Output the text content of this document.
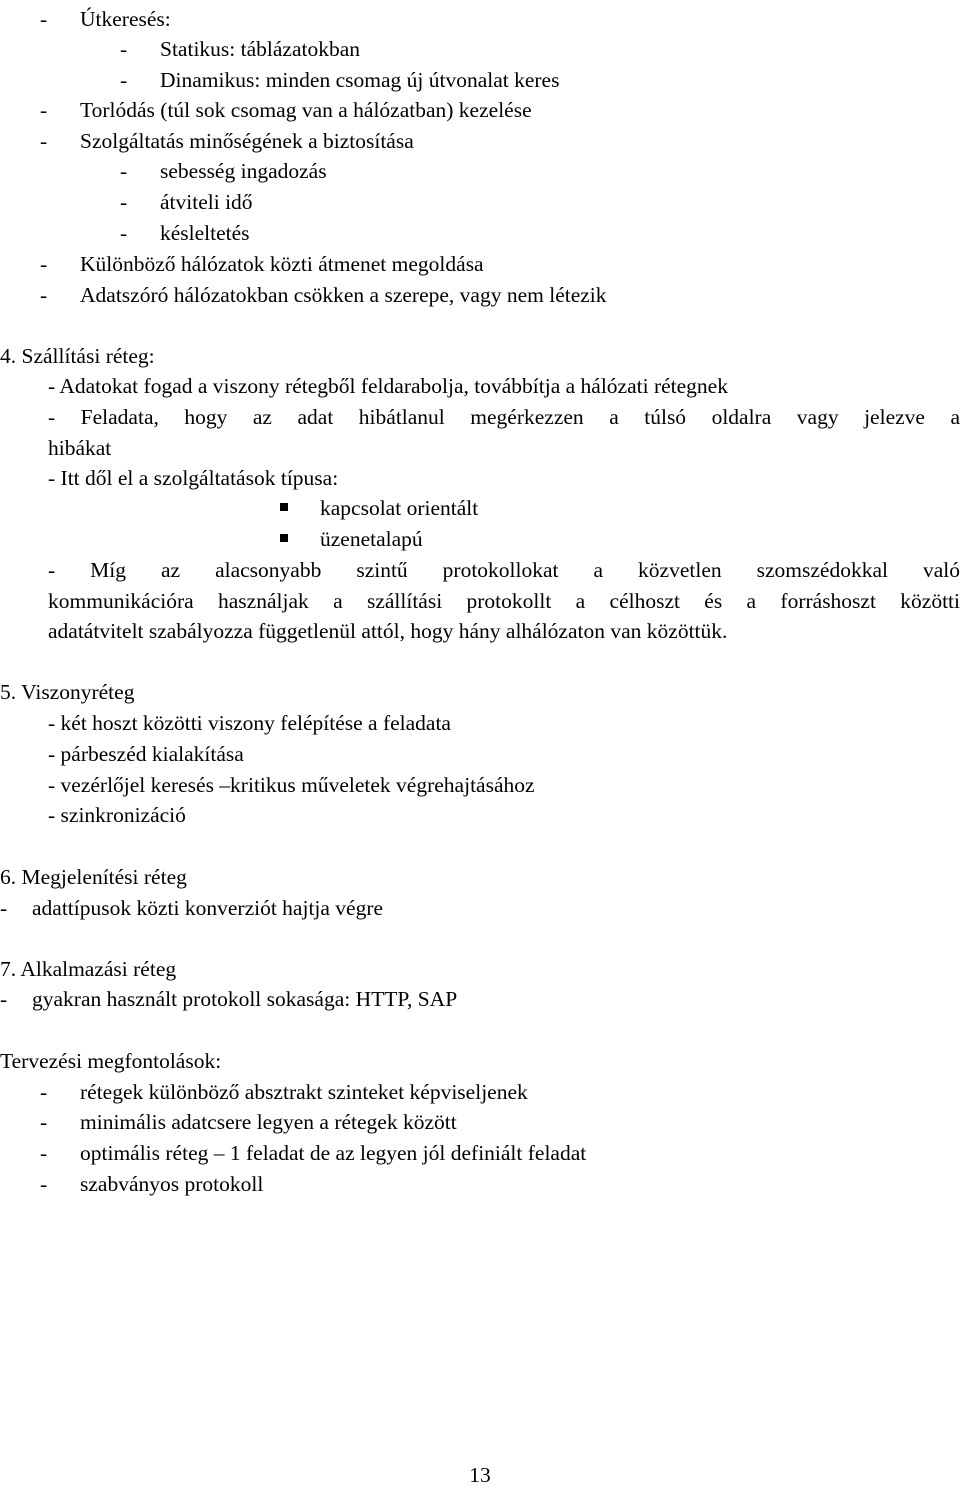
- Útkeresés:
- Statikus: táblázatokban
- Dinamikus: minden csomag új útvonalat keres
- Torlódás (túl sok csomag van a hálózatban) kezelése
- Szolgáltatás minőségének a biztosítása
- sebesség ingadozás
- átviteli idő
- késleltetés
- Különböző hálózatok közti átmenet megoldása
- Adatszóró hálózatokban csökken a szerepe, vagy nem létezik
4. Szállítási réteg:
- Adatokat fogad a viszony rétegből feldarabolja, továbbítja a hálózati rétegnek
- Feladata, hogy az adat hibátlanul megérkezzen a túlsó oldalra vagy jelezve a
hibákat
- Itt dől el a szolgáltatások típusa:
kapcsolat orientált
üzenetalapú
- Míg az alacsonyabb szintű protokollokat a közvetlen szomszédokkal való
kommunikációra használjak a szállítási protokollt a célhoszt és a forráshoszt közötti
adatátvitelt szabályozza függetlenül attól, hogy hány alhálózaton van közöttük.
5. Viszonyréteg
- két hoszt közötti viszony felépítése a feladata
- párbeszéd kialakítása
- vezérlőjel keresés –kritikus műveletek végrehajtásához
- szinkronizáció
6. Megjelenítési réteg
- adattípusok közti konverziót hajtja végre
7. Alkalmazási réteg
- gyakran használt protokoll sokasága: HTTP, SAP
Tervezési megfontolások:
- rétegek különböző absztrakt szinteket képviseljenek
- minimális adatcsere legyen a rétegek között
- optimális réteg – 1 feladat de az legyen jól definiált feladat
- szabványos protokoll
13
